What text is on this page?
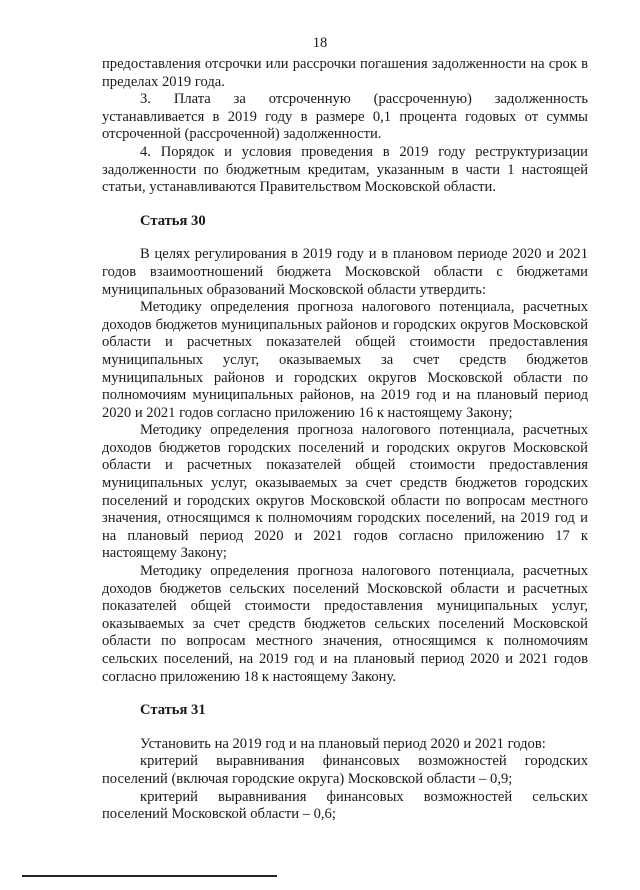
18

предоставления отсрочки или рассрочки погашения задолженности на срок в пределах 2019 года.

3. Плата за отсроченную (рассроченную) задолженность устанавливается в 2019 году в размере 0,1 процента годовых от суммы отсроченной (рассроченной) задолженности.

4. Порядок и условия проведения в 2019 году реструктуризации задолженности по бюджетным кредитам, указанным в части 1 настоящей статьи, устанавливаются Правительством Московской области.

Статья 30

В целях регулирования в 2019 году и в плановом периоде 2020 и 2021 годов взаимоотношений бюджета Московской области с бюджетами муниципальных образований Московской области утвердить:

Методику определения прогноза налогового потенциала, расчетных доходов бюджетов муниципальных районов и городских округов Московской области и расчетных показателей общей стоимости предоставления муниципальных услуг, оказываемых за счет средств бюджетов муниципальных районов и городских округов Московской области по полномочиям муниципальных районов, на 2019 год и на плановый период 2020 и 2021 годов согласно приложению 16 к настоящему Закону;

Методику определения прогноза налогового потенциала, расчетных доходов бюджетов городских поселений и городских округов Московской области и расчетных показателей общей стоимости предоставления муниципальных услуг, оказываемых за счет средств бюджетов городских поселений и городских округов Московской области по вопросам местного значения, относящимся к полномочиям городских поселений, на 2019 год и на плановый период 2020 и 2021 годов согласно приложению 17 к настоящему Закону;

Методику определения прогноза налогового потенциала, расчетных доходов бюджетов сельских поселений Московской области и расчетных показателей общей стоимости предоставления муниципальных услуг, оказываемых за счет средств бюджетов сельских поселений Московской области по вопросам местного значения, относящимся к полномочиям сельских поселений, на 2019 год и на плановый период 2020 и 2021 годов согласно приложению 18 к настоящему Закону.

Статья 31

Установить на 2019 год и на плановый период 2020 и 2021 годов:

критерий выравнивания финансовых возможностей городских поселений (включая городские округа) Московской области – 0,9;

критерий выравнивания финансовых возможностей сельских поселений Московской области – 0,6;
